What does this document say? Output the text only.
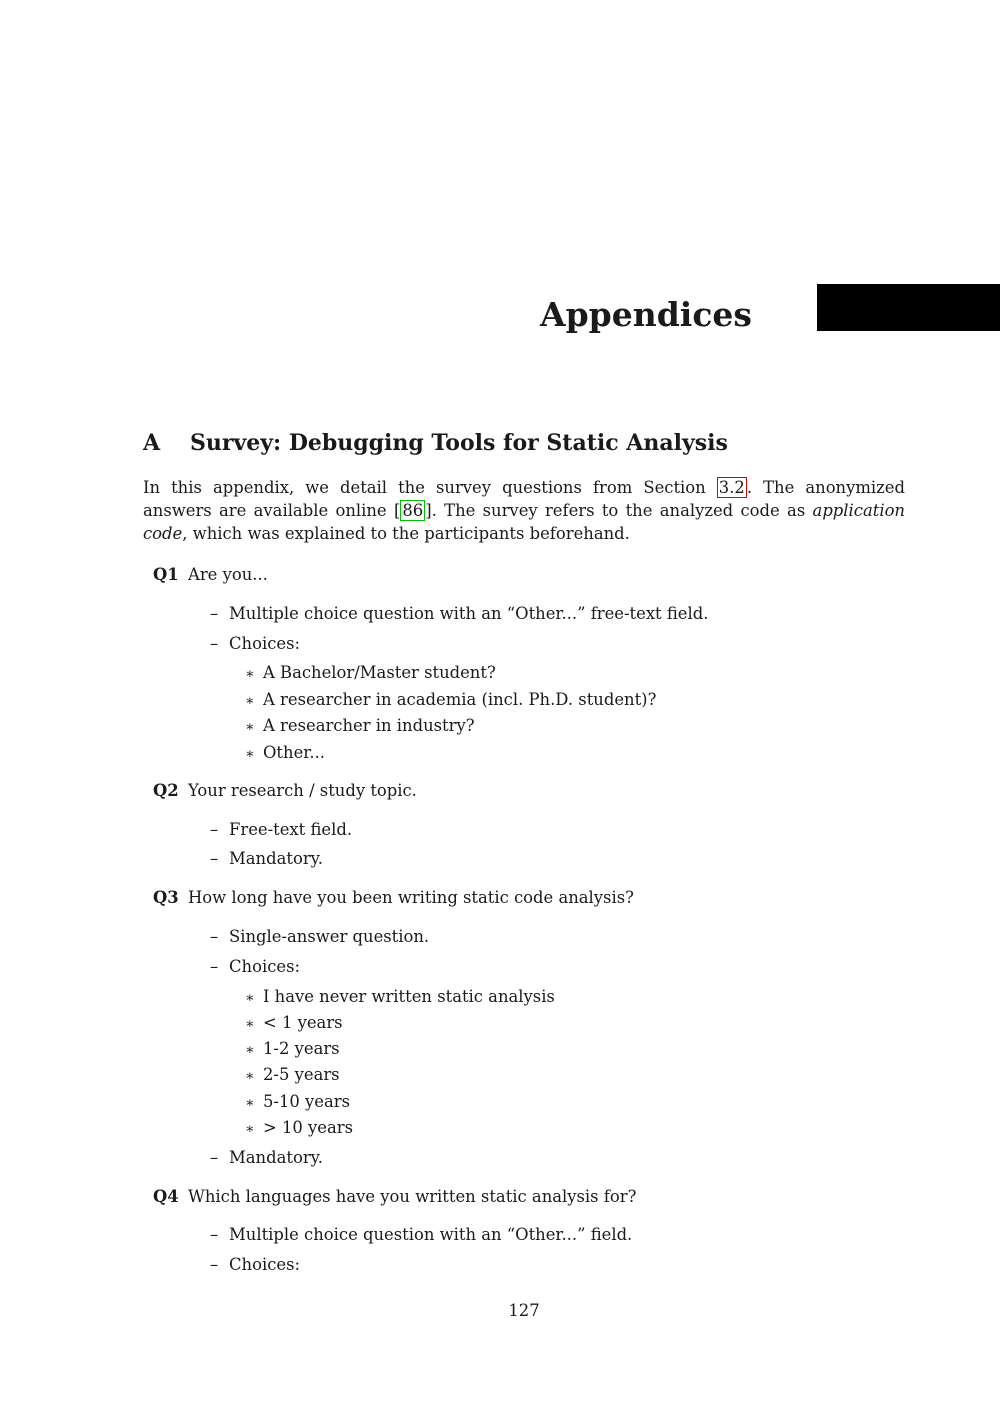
Appendices
A Survey: Debugging Tools for Static Analysis

In this appendix, we detail the survey questions from Section 3.2 . The anonymized answers are available online [ 86 ]. The survey refers to the analyzed code as application code, which was explained to the participants beforehand.

Q1 Are you...
– Multiple choice question with an “Other...” free-text field.
– Choices:
∗ A Bachelor/Master student?
∗ A researcher in academia (incl. Ph.D. student)?
∗ A researcher in industry?
∗ Other...
Q2 Your research / study topic.
– Free-text field.
– Mandatory.
Q3 How long have you been writing static code analysis?
– Single-answer question.
– Choices:
∗ I have never written static analysis
∗ < 1 years
∗ 1-2 years
∗ 2-5 years
∗ 5-10 years
∗ > 10 years
– Mandatory.
Q4 Which languages have you written static analysis for?
– Multiple choice question with an “Other...” field.
– Choices:
127
